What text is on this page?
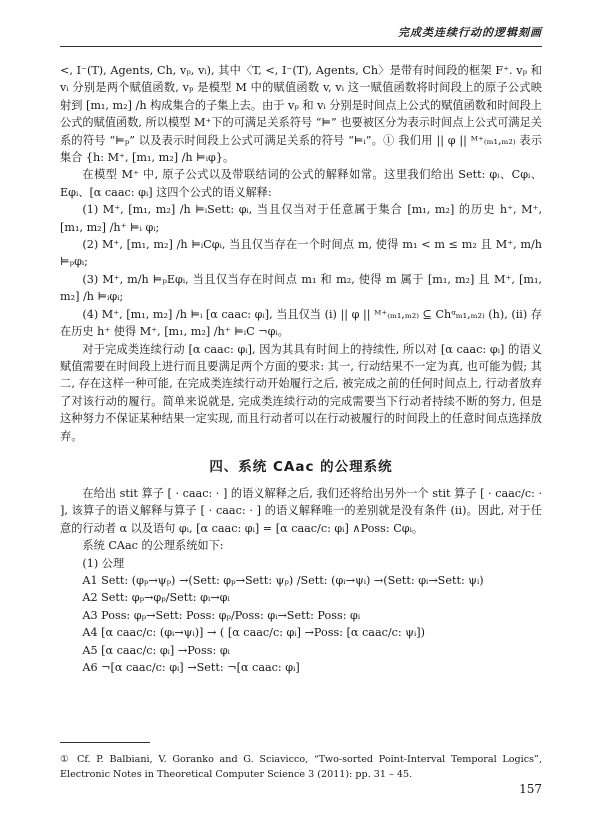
完成类连续行动的逻辑刻画

<, I⁻(T), Agents, Ch, vₚ, vᵢ), 其中〈T, <, I⁻(T), Agents, Ch〉是带有时间段的框架 F⁺. vₚ 和 vᵢ 分别是两个赋值函数, vₚ 是模型 M 中的赋值函数 v, vᵢ 这一赋值函数将时间段上的原子公式映射到 [m₁, m₂] /h 构成集合的子集上去。由于 vₚ 和 vᵢ 分别是时间点上公式的赋值函数和时间段上公式的赋值函数, 所以模型 M⁺下的可满足关系符号 “⊨” 也要被区分为表示时间点上公式可满足关系的符号 “⊨ₚ” 以及表示时间段上公式可满足关系的符号 “⊨ᵢ”。① 我们用 || φ || ᴹ⁺₍ₘ₁,ₘ₂₎ 表示集合 {h: M⁺, [m₁, m₂] /h ⊨ᵢφ}。

在模型 M⁺ 中, 原子公式以及带联结词的公式的解释如常。这里我们给出 Sett: φᵢ、Cφᵢ、Eφᵢ、[α caac: φᵢ] 这四个公式的语义解释:

(1) M⁺, [m₁, m₂] /h ⊨ᵢSett: φᵢ, 当且仅当对于任意属于集合 [m₁, m₂] 的历史 h⁺, M⁺, [m₁, m₂] /h⁺ ⊨ᵢ φᵢ;

(2) M⁺, [m₁, m₂] /h ⊨ᵢCφᵢ, 当且仅当存在一个时间点 m, 使得 m₁ < m ≤ m₂ 且 M⁺, m/h ⊨ₚφᵢ;

(3) M⁺, m/h ⊨ₚEφᵢ, 当且仅当存在时间点 m₁ 和 m₂, 使得 m 属于 [m₁, m₂] 且 M⁺, [m₁, m₂] /h ⊨ᵢφᵢ;

(4) M⁺, [m₁, m₂] /h ⊨ᵢ [α caac: φᵢ], 当且仅当 (i) || φ || ᴹ⁺₍ₘ₁,ₘ₂₎ ⊆ Chᵅₘ₁,ₘ₂₎ (h), (ii) 存在历史 h⁺ 使得 M⁺, [m₁, m₂] /h⁺ ⊨ᵢC ¬φᵢ。

对于完成类连续行动 [α caac: φᵢ], 因为其具有时间上的持续性, 所以对 [α caac: φᵢ] 的语义赋值需要在时间段上进行而且要满足两个方面的要求: 其一, 行动结果不一定为真, 也可能为假; 其二, 存在这样一种可能, 在完成类连续行动开始履行之后, 被完成之前的任何时间点上, 行动者放弃了对该行动的履行。简单来说就是, 完成类连续行动的完成需要当下行动者持续不断的努力, 但是这种努力不保证某种结果一定实现, 而且行动者可以在行动被履行的时间段上的任意时间点选择放弃。

四、系统 CAac 的公理系统

在给出 stit 算子 [ · caac: · ] 的语义解释之后, 我们还将给出另外一个 stit 算子 [ · caac/c: · ], 该算子的语义解释与算子 [ · caac: · ] 的语义解释唯一的差别就是没有条件 (ii)。因此, 对于任意的行动者 α 以及语句 φᵢ, [α caac: φᵢ] = [α caac/c: φᵢ] ∧Poss: Cφᵢ。

系统 CAac 的公理系统如下:

(1) 公理

A1 Sett: (φₚ→ψₚ) →(Sett: φₚ→Sett: ψₚ) /Sett: (φᵢ→ψᵢ) →(Sett: φᵢ→Sett: ψᵢ)

A2 Sett: φₚ→φₚ/Sett: φᵢ→φᵢ

A3 Poss: φₚ→Sett: Poss: φₚ/Poss: φᵢ→Sett: Poss: φᵢ

A4 [α caac/c: (φᵢ→ψᵢ)] → ( [α caac/c: φᵢ] →Poss: [α caac/c: ψᵢ])

A5 [α caac/c: φᵢ] →Poss: φᵢ

A6 ¬[α caac/c: φᵢ] →Sett: ¬[α caac: φᵢ]

① Cf. P. Balbiani, V. Goranko and G. Sciavicco, “Two-sorted Point-Interval Temporal Logics”, Electronic Notes in Theoretical Computer Science 3 (2011): pp. 31 – 45.

157
